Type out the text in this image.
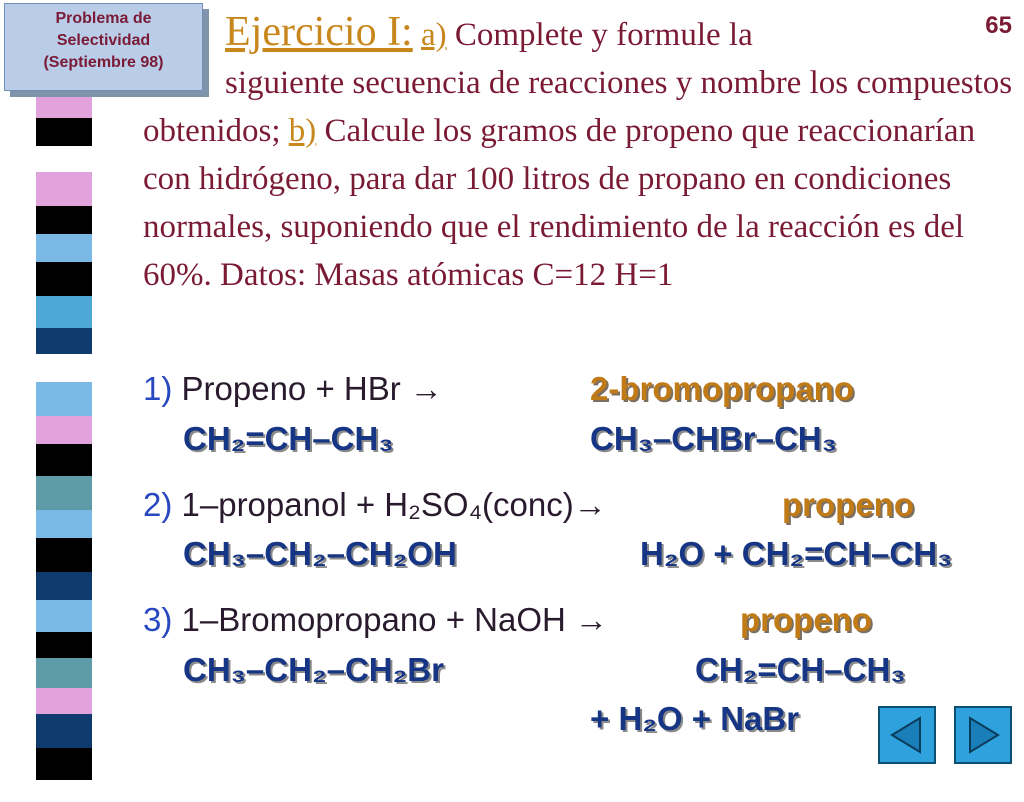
Problema de
Selectividad
(Septiembre 98)
65
Ejercicio I: a) Complete y formule la
siguiente secuencia de reacciones y nombre los compuestos obtenidos; b) Calcule los gramos de propeno que reaccionarían con hidrógeno, para dar 100 litros de propano en condiciones normales, suponiendo que el rendimiento de la reacción es del 60%. Datos: Masas atómicas C=12 H=1
1) Propeno + HBr →	2-bromopropano
CH₂=CH–CH₃	CH₃–CHBr–CH₃
2) 1–propanol + H₂SO₄(conc)→	propeno
CH₃–CH₂–CH₂OH	H₂O + CH₂=CH–CH₃
3) 1–Bromopropano + NaOH →	propeno
CH₃–CH₂–CH₂Br	CH₂=CH–CH₃
+ H₂O + NaBr
